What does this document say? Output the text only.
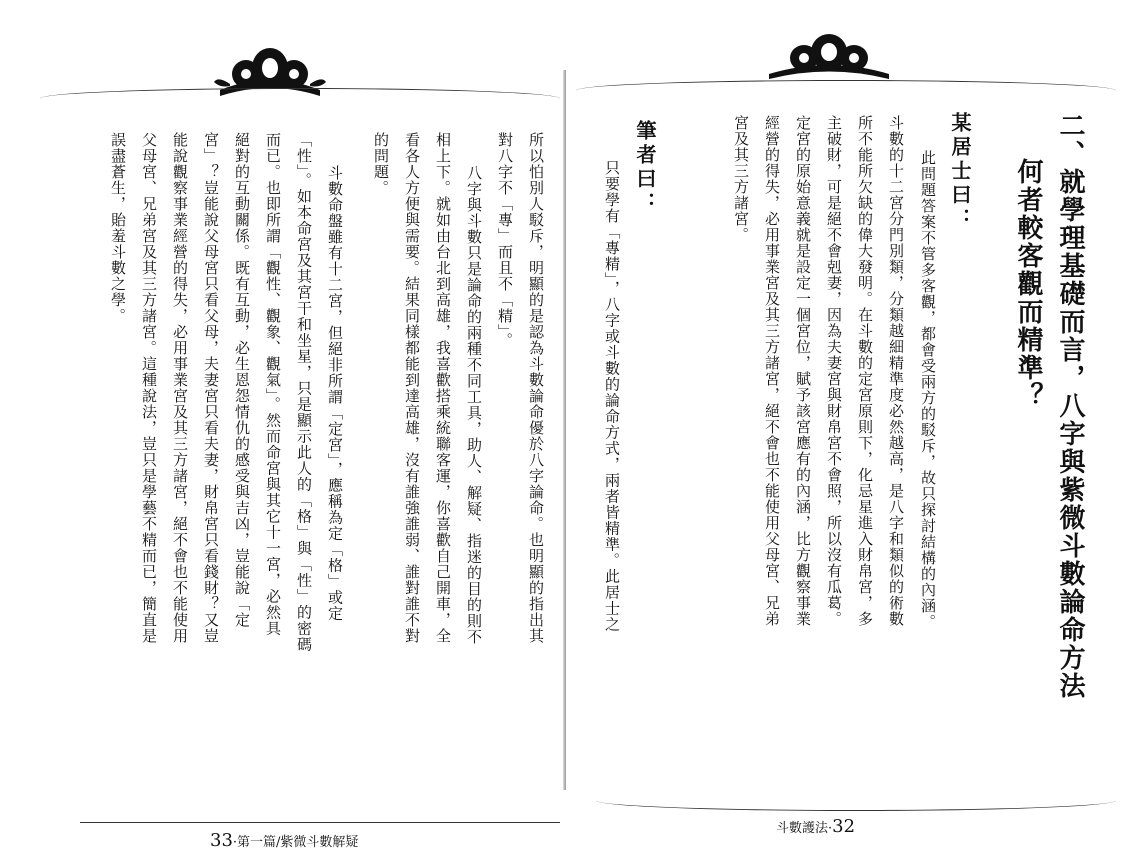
所以怕別人駁斥，明顯的是認為斗數論命優於八字論命。也明顯的指出其
對八字不「專」而且不「精」。
八字與斗數只是論命的兩種不同工具，助人、解疑、指迷的目的則不
相上下。就如由台北到高雄，我喜歡搭乘統聯客運，你喜歡自己開車，全
看各人方便與需要。結果同樣都能到達高雄，沒有誰強誰弱、誰對誰不對
的問題。
斗數命盤雖有十二宮，但絕非所謂「定宮」，應稱為定「格」或定
「性」。如本命宮及其宮干和坐星，只是顯示此人的「格」與「性」的密碼
而已。也即所謂「觀性、觀象、觀氣」。然而命宮與其它十一宮，必然具
絕對的互動關係。既有互動，必生恩怨情仇的感受與吉凶，豈能說「定
宮」？豈能說父母宮只看父母，夫妻宮只看夫妻，財帛宮只看錢財？又豈
能說觀察事業經營的得失，必用事業宮及其三方諸宮，絕不會也不能使用
父母宮、兄弟宮及其三方諸宮。這種說法，豈只是學藝不精而已，簡直是
誤盡蒼生，貽羞斗數之學。
33·第一篇/紫微斗數解疑
二、就學理基礎而言，八字與紫微斗數論命方法
何者較客觀而精準？
某居士曰：
此問題答案不管多客觀，都會受兩方的駁斥，故只探討結構的內涵。
斗數的十二宮分門別類，分類越細精準度必然越高，是八字和類似的術數
所不能所欠缺的偉大發明。在斗數的定宮原則下，化忌星進入財帛宮，多
主破財，可是絕不會剋妻，因為夫妻宮與財帛宮不會照，所以沒有瓜葛。
定宮的原始意義就是設定一個宮位，賦予該宮應有的內涵，比方觀察事業
經營的得失，必用事業宮及其三方諸宮，絕不會也不能使用父母宮、兄弟
宮及其三方諸宮。
筆者曰：
只要學有「專精」，八字或斗數的論命方式，兩者皆精準。此居士之
斗數護法·32
